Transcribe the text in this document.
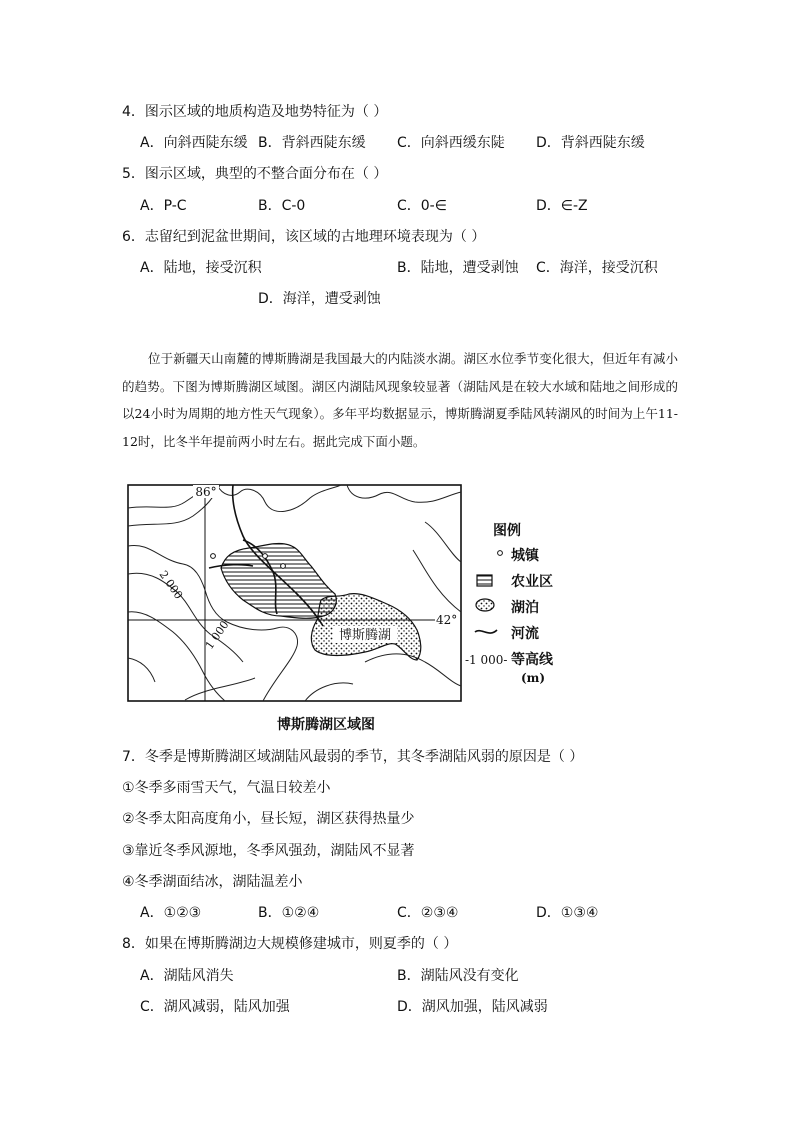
4．图示区域的地质构造及地势特征为（ ）
A．向斜西陡东缓 B．背斜西陡东缓 C．向斜西缓东陡 D．背斜西陡东缓
5．图示区域，典型的不整合面分布在（ ）
A．P-C	B．C-0	C．0-∈	D．∈-Z
6．志留纪到泥盆世期间，该区域的古地理环境表现为（ ）
A．陆地，接受沉积	B．陆地，遭受剥蚀 C．海洋，接受沉积
D．海洋，遭受剥蚀

位于新疆天山南麓的博斯腾湖是我国最大的内陆淡水湖。湖区水位季节变化很大，但近年有减小的趋势。下图为博斯腾湖区域图。湖区内湖陆风现象较显著（湖陆风是在较大水域和陆地之间形成的以24小时为周期的地方性天气现象）。多年平均数据显示，博斯腾湖夏季陆风转湖风的时间为上午11-12时，比冬半年提前两小时左右。据此完成下面小题。

博斯腾湖
86°
42°
2 000
1 000
图例
城镇
农业区
湖泊
河流
-1 000- 等高线
(m)
博斯腾湖区域图
7．冬季是博斯腾湖区域湖陆风最弱的季节，其冬季湖陆风弱的原因是（ ）
①冬季多雨雪天气，气温日较差小
②冬季太阳高度角小，昼长短，湖区获得热量少
③靠近冬季风源地，冬季风强劲，湖陆风不显著
④冬季湖面结冰，湖陆温差小
A．①②③	B．①②④	C．②③④	D．①③④
8．如果在博斯腾湖边大规模修建城市，则夏季的（ ）
A．湖陆风消失	B．湖陆风没有变化
C．湖风减弱，陆风加强	D．湖风加强，陆风减弱
